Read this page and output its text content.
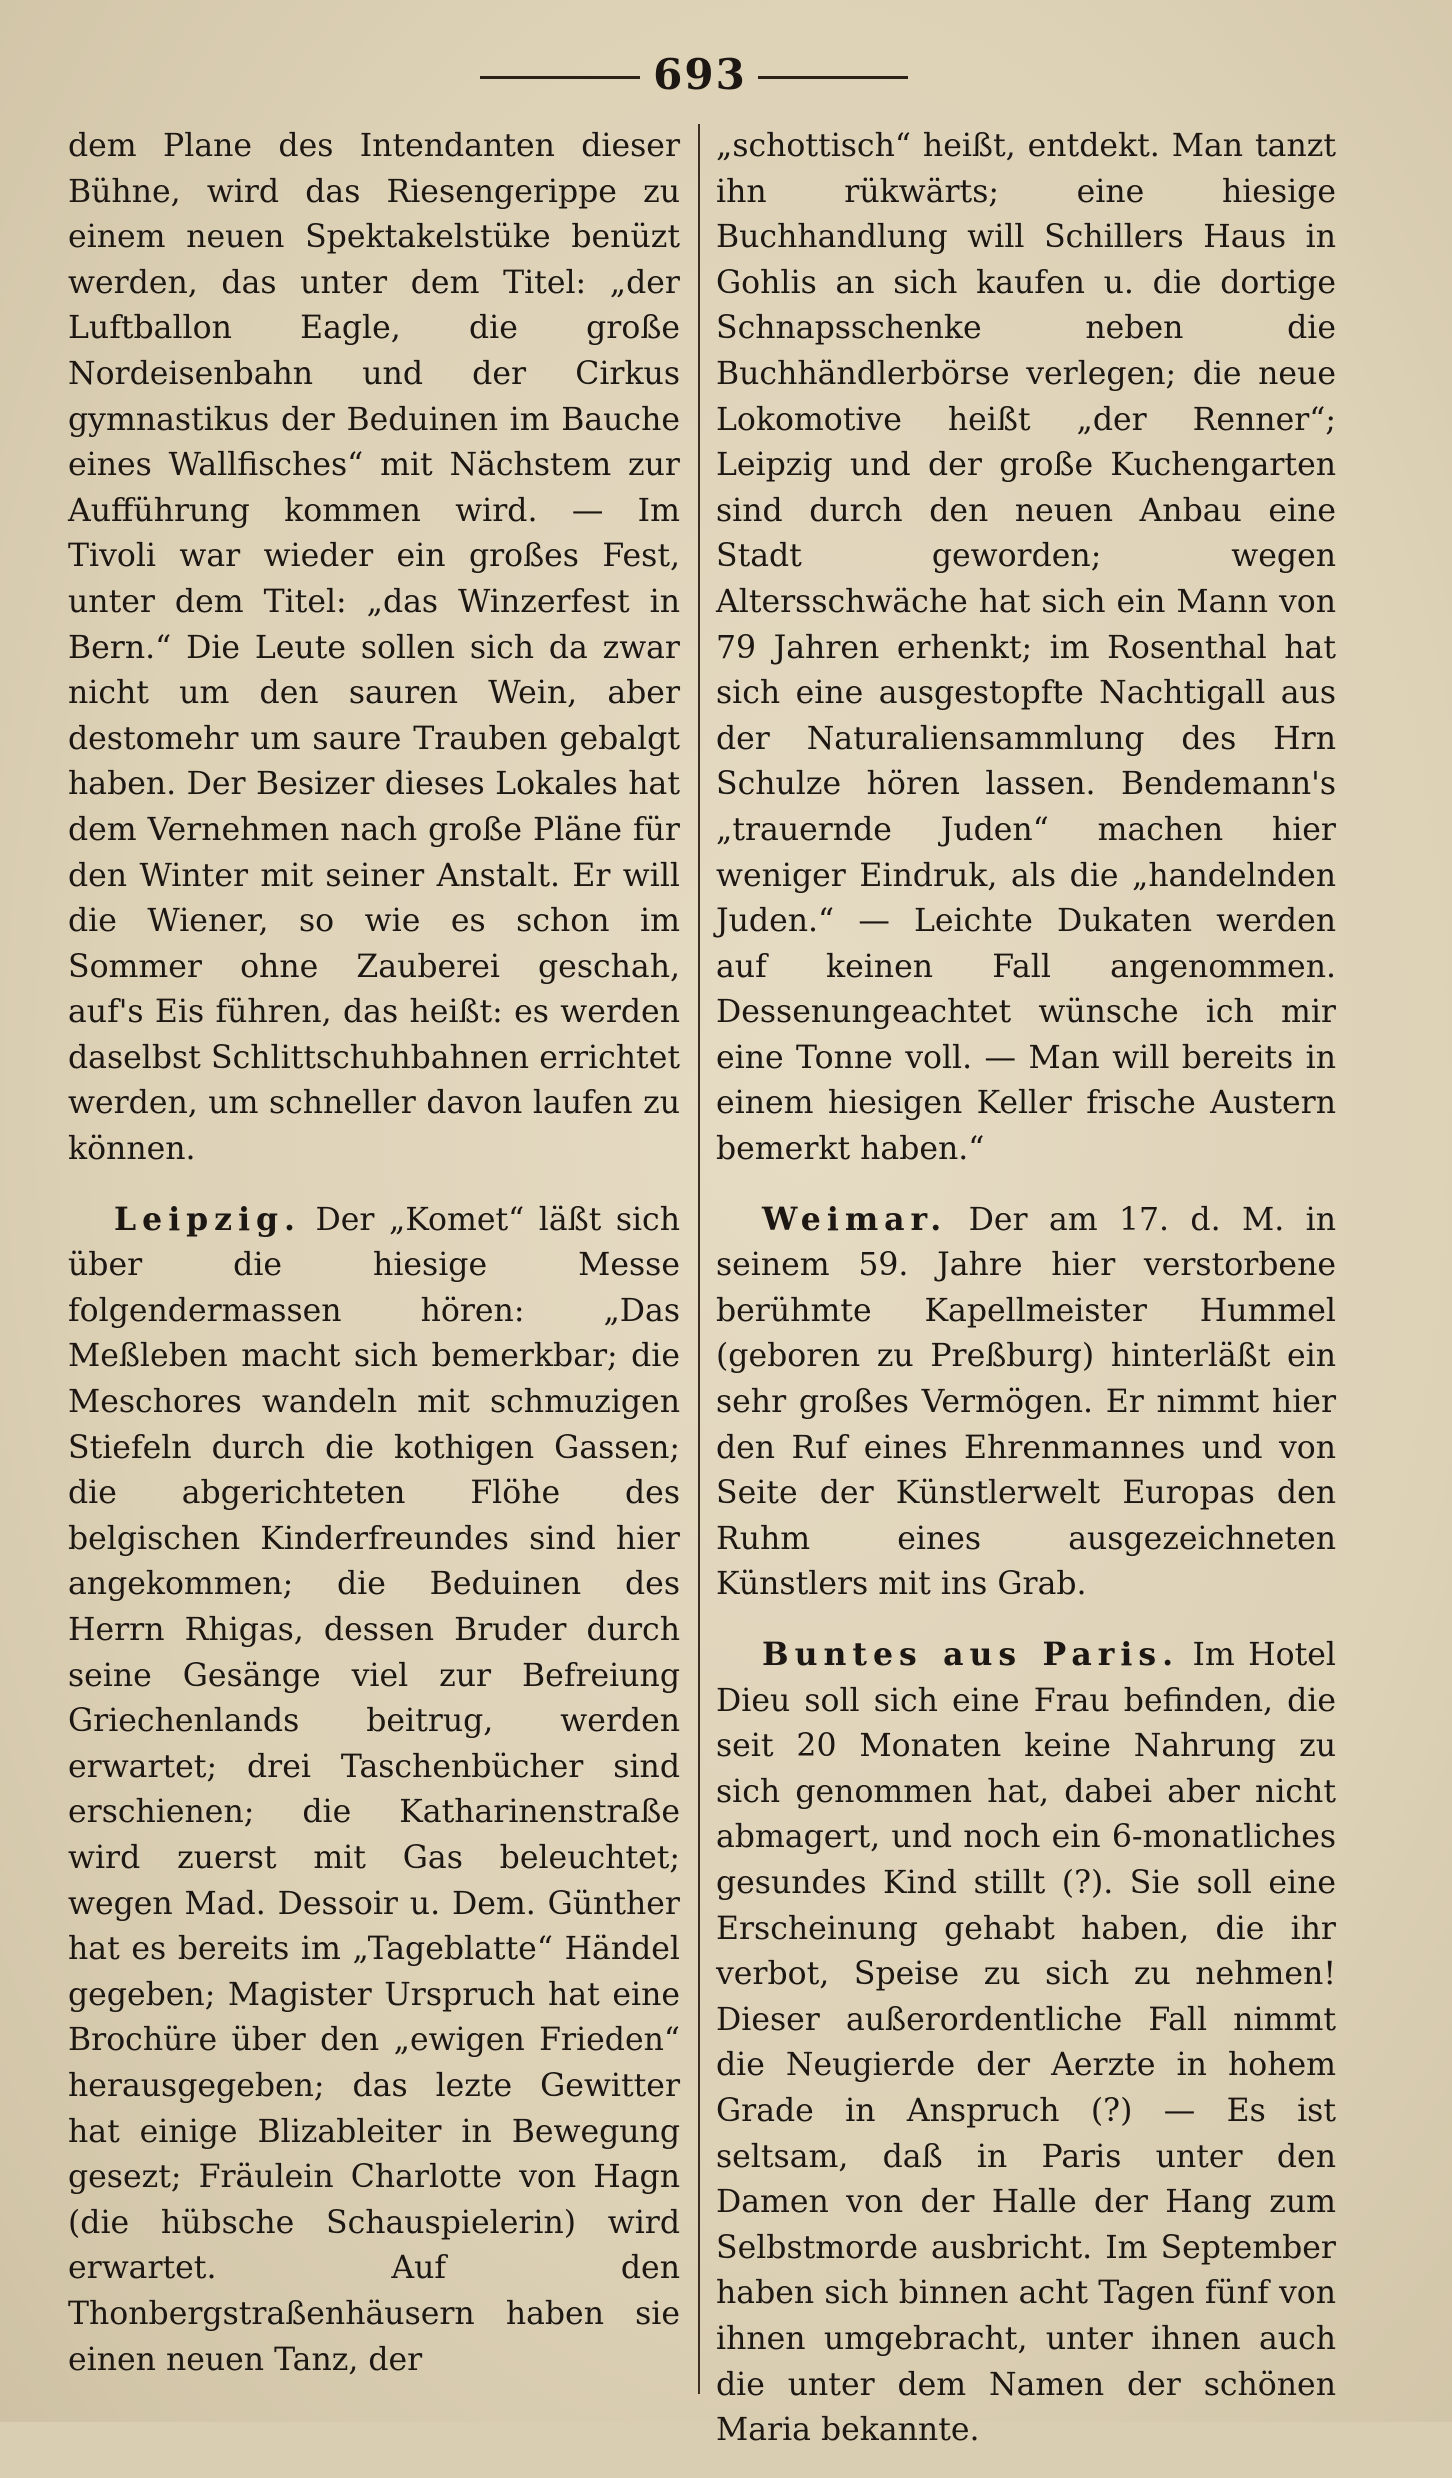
693

dem Plane des Intendanten dieser Bühne, wird das Riesengerippe zu einem neuen Spektakelstüke benüzt werden, das unter dem Titel: „der Luftballon Eagle, die große Nordeisenbahn und der Cirkus gymnastikus der Beduinen im Bauche eines Wallfisches“ mit Nächstem zur Aufführung kommen wird. — Im Tivoli war wieder ein großes Fest, unter dem Titel: „das Winzerfest in Bern.“ Die Leute sollen sich da zwar nicht um den sauren Wein, aber destomehr um saure Trauben gebalgt haben. Der Besizer dieses Lokales hat dem Vernehmen nach große Pläne für den Winter mit seiner Anstalt. Er will die Wiener, so wie es schon im Sommer ohne Zauberei geschah, auf's Eis führen, das heißt: es werden daselbst Schlittschuhbahnen errichtet werden, um schneller davon laufen zu können.

Leipzig. Der „Komet“ läßt sich über die hiesige Messe folgendermassen hören: „Das Meßleben macht sich bemerkbar; die Meschores wandeln mit schmuzigen Stiefeln durch die kothigen Gassen; die abgerichteten Flöhe des belgischen Kinderfreundes sind hier angekommen; die Beduinen des Herrn Rhigas, dessen Bruder durch seine Gesänge viel zur Befreiung Griechenlands beitrug, werden erwartet; drei Taschenbücher sind erschienen; die Katharinenstraße wird zuerst mit Gas beleuchtet; wegen Mad. Dessoir u. Dem. Günther hat es bereits im „Tageblatte“ Händel gegeben; Magister Urspruch hat eine Brochüre über den „ewigen Frieden“ herausgegeben; das lezte Gewitter hat einige Blizableiter in Bewegung gesezt; Fräulein Charlotte von Hagn (die hübsche Schauspielerin) wird erwartet. Auf den Thonbergstraßenhäusern haben sie einen neuen Tanz, der

„schottisch“ heißt, entdekt. Man tanzt ihn rükwärts; eine hiesige Buchhandlung will Schillers Haus in Gohlis an sich kaufen u. die dortige Schnapsschenke neben die Buchhändlerbörse verlegen; die neue Lokomotive heißt „der Renner“; Leipzig und der große Kuchengarten sind durch den neuen Anbau eine Stadt geworden; wegen Altersschwäche hat sich ein Mann von 79 Jahren erhenkt; im Rosenthal hat sich eine ausgestopfte Nachtigall aus der Naturaliensammlung des Hrn Schulze hören lassen. Bendemann's „trauernde Juden“ machen hier weniger Eindruk, als die „handelnden Juden.“ — Leichte Dukaten werden auf keinen Fall angenommen. Dessenungeachtet wünsche ich mir eine Tonne voll. — Man will bereits in einem hiesigen Keller frische Austern bemerkt haben.“

Weimar. Der am 17. d. M. in seinem 59. Jahre hier verstorbene berühmte Kapellmeister Hummel (geboren zu Preßburg) hinterläßt ein sehr großes Vermögen. Er nimmt hier den Ruf eines Ehrenmannes und von Seite der Künstlerwelt Europas den Ruhm eines ausgezeichneten Künstlers mit ins Grab.

Buntes aus Paris. Im Hotel Dieu soll sich eine Frau befinden, die seit 20 Monaten keine Nahrung zu sich genommen hat, dabei aber nicht abmagert, und noch ein 6-monatliches gesundes Kind stillt (?). Sie soll eine Erscheinung gehabt haben, die ihr verbot, Speise zu sich zu nehmen! Dieser außerordentliche Fall nimmt die Neugierde der Aerzte in hohem Grade in Anspruch (?) — Es ist seltsam, daß in Paris unter den Damen von der Halle der Hang zum Selbstmorde ausbricht. Im September haben sich binnen acht Tagen fünf von ihnen umgebracht, unter ihnen auch die unter dem Namen der schönen Maria bekannte.
